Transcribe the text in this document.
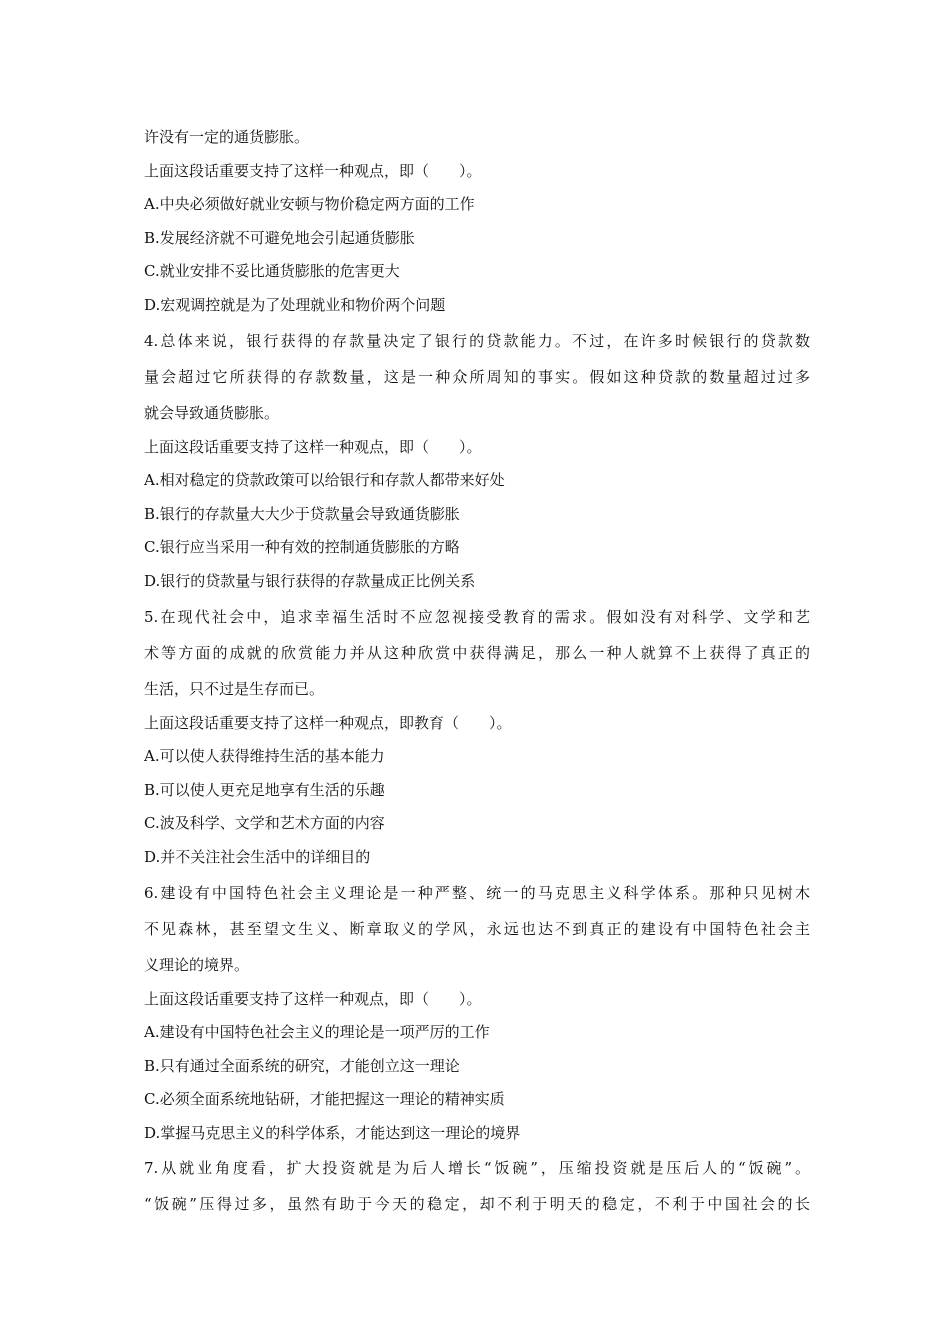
许没有一定的通货膨胀。
上面这段话重要支持了这样一种观点，即（　　）。
A.中央必须做好就业安顿与物价稳定两方面的工作
B.发展经济就不可避免地会引起通货膨胀
C.就业安排不妥比通货膨胀的危害更大
D.宏观调控就是为了处理就业和物价两个问题
4.总体来说，银行获得的存款量决定了银行的贷款能力。不过，在许多时候银行的贷款数
量会超过它所获得的存款数量，这是一种众所周知的事实。假如这种贷款的数量超过过多
就会导致通货膨胀。
上面这段话重要支持了这样一种观点，即（　　）。
A.相对稳定的贷款政策可以给银行和存款人都带来好处
B.银行的存款量大大少于贷款量会导致通货膨胀
C.银行应当采用一种有效的控制通货膨胀的方略
D.银行的贷款量与银行获得的存款量成正比例关系
5.在现代社会中，追求幸福生活时不应忽视接受教育的需求。假如没有对科学、文学和艺
术等方面的成就的欣赏能力并从这种欣赏中获得满足，那么一种人就算不上获得了真正的
生活，只不过是生存而已。
上面这段话重要支持了这样一种观点，即教育（　　）。
A.可以使人获得维持生活的基本能力
B.可以使人更充足地享有生活的乐趣
C.波及科学、文学和艺术方面的内容
D.并不关注社会生活中的详细目的
6.建设有中国特色社会主义理论是一种严整、统一的马克思主义科学体系。那种只见树木
不见森林，甚至望文生义、断章取义的学风，永远也达不到真正的建设有中国特色社会主
义理论的境界。
上面这段话重要支持了这样一种观点，即（　　）。
A.建设有中国特色社会主义的理论是一项严厉的工作
B.只有通过全面系统的研究，才能创立这一理论
C.必须全面系统地钻研，才能把握这一理论的精神实质
D.掌握马克思主义的科学体系，才能达到这一理论的境界
7.从就业角度看，扩大投资就是为后人增长“饭碗”，压缩投资就是压后人的“饭碗”。
“饭碗”压得过多，虽然有助于今天的稳定，却不利于明天的稳定，不利于中国社会的长
